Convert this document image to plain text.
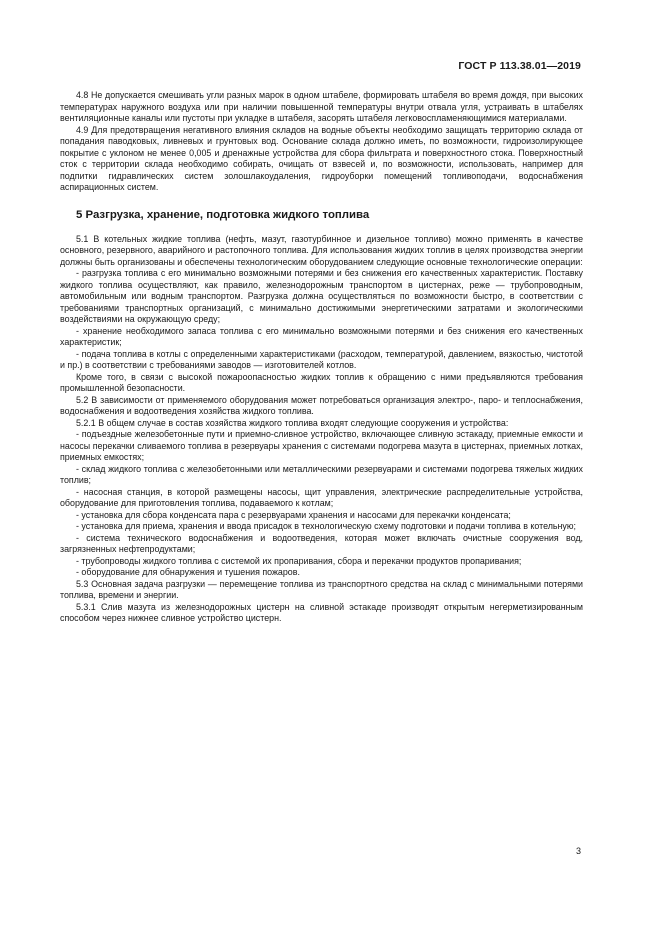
ГОСТ Р 113.38.01—2019

4.8 Не допускается смешивать угли разных марок в одном штабеле, формировать штабеля во время дождя, при высоких температурах наружного воздуха или при наличии повышенной температуры внутри отвала угля, устраивать в штабелях вентиляционные каналы или пустоты при укладке в штабеля, засорять штабеля легковоспламеняющимися материалами.

4.9 Для предотвращения негативного влияния складов на водные объекты необходимо защищать территорию склада от попадания паводковых, ливневых и грунтовых вод. Основание склада должно иметь, по возможности, гидроизолирующее покрытие с уклоном не менее 0,005 и дренажные устройства для сбора фильтрата и поверхностного стока. Поверхностный сток с территории склада необходимо собирать, очищать от взвесей и, по возможности, использовать, например для подпитки гидравлических систем золошлакоудаления, гидроуборки помещений топливоподачи, водоснабжения аспирационных систем.

5 Разгрузка, хранение, подготовка жидкого топлива

5.1 В котельных жидкие топлива (нефть, мазут, газотурбинное и дизельное топливо) можно применять в качестве основного, резервного, аварийного и растопочного топлива. Для использования жидких топлив в целях производства энергии должны быть организованы и обеспечены технологическим оборудованием следующие основные технологические операции:

- разгрузка топлива с его минимально возможными потерями и без снижения его качественных характеристик. Поставку жидкого топлива осуществляют, как правило, железнодорожным транспортом в цистернах, реже — трубопроводным, автомобильным или водным транспортом. Разгрузка должна осуществляться по возможности быстро, в соответствии с требованиями транспортных организаций, с минимально достижимыми энергетическими затратами и экологическими воздействиями на окружающую среду;

- хранение необходимого запаса топлива с его минимально возможными потерями и без снижения его качественных характеристик;

- подача топлива в котлы с определенными характеристиками (расходом, температурой, давлением, вязкостью, чистотой и пр.) в соответствии с требованиями заводов — изготовителей котлов.

Кроме того, в связи с высокой пожароопасностью жидких топлив к обращению с ними предъявляются требования промышленной безопасности.

5.2 В зависимости от применяемого оборудования может потребоваться организация электро-, паро- и теплоснабжения, водоснабжения и водоотведения хозяйства жидкого топлива.

5.2.1 В общем случае в состав хозяйства жидкого топлива входят следующие сооружения и устройства:

- подъездные железобетонные пути и приемно-сливное устройство, включающее сливную эстакаду, приемные емкости и насосы перекачки сливаемого топлива в резервуары хранения с системами подогрева мазута в цистернах, приемных лотках, приемных емкостях;

- склад жидкого топлива с железобетонными или металлическими резервуарами и системами подогрева тяжелых жидких топлив;

- насосная станция, в которой размещены насосы, щит управления, электрические распределительные устройства, оборудование для приготовления топлива, подаваемого к котлам;

- установка для сбора конденсата пара с резервуарами хранения и насосами для перекачки конденсата;

- установка для приема, хранения и ввода присадок в технологическую схему подготовки и подачи топлива в котельную;

- система технического водоснабжения и водоотведения, которая может включать очистные сооружения вод, загрязненных нефтепродуктами;

- трубопроводы жидкого топлива с системой их пропаривания, сбора и перекачки продуктов пропаривания;

- оборудование для обнаружения и тушения пожаров.

5.3 Основная задача разгрузки — перемещение топлива из транспортного средства на склад с минимальными потерями топлива, времени и энергии.

5.3.1 Слив мазута из железнодорожных цистерн на сливной эстакаде производят открытым негерметизированным способом через нижнее сливное устройство цистерн.

3
